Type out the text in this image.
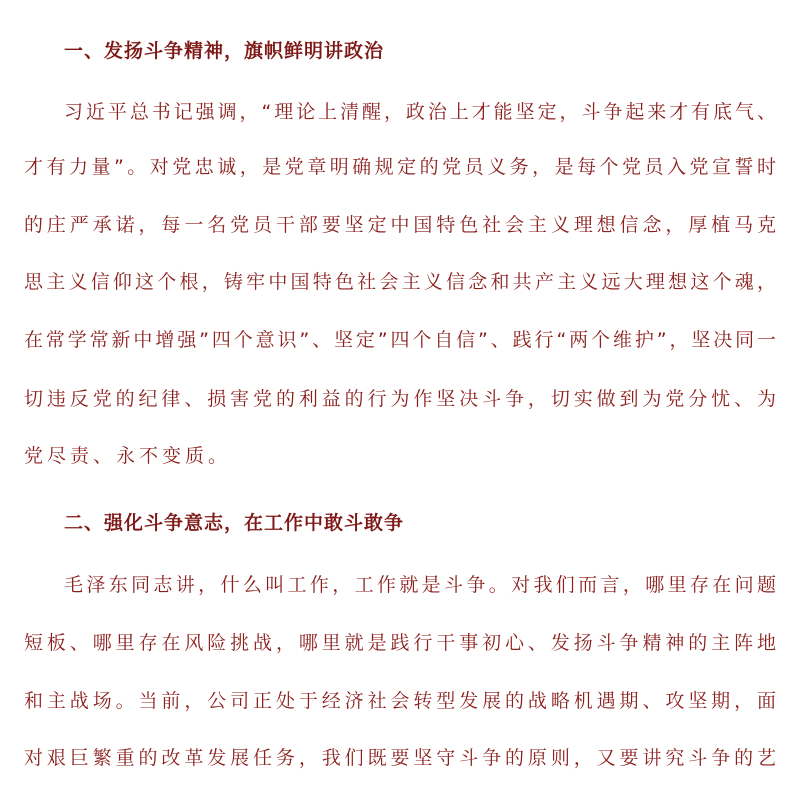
一、发扬斗争精神，旗帜鲜明讲政治
习近平总书记强调，“理论上清醒，政治上才能坚定，斗争起来才有底气、
才有力量”。对党忠诚，是党章明确规定的党员义务，是每个党员入党宣誓时
的庄严承诺，每一名党员干部要坚定中国特色社会主义理想信念，厚植马克
思主义信仰这个根，铸牢中国特色社会主义信念和共产主义远大理想这个魂，
在常学常新中增强”四个意识”、坚定”四个自信”、践行“两个维护”，坚决同一
切违反党的纪律、损害党的利益的行为作坚决斗争，切实做到为党分忧、为
党尽责、永不变质。
二、强化斗争意志，在工作中敢斗敢争
毛泽东同志讲，什么叫工作，工作就是斗争。对我们而言，哪里存在问题
短板、哪里存在风险挑战，哪里就是践行干事初心、发扬斗争精神的主阵地
和主战场。当前，公司正处于经济社会转型发展的战略机遇期、攻坚期，面
对艰巨繁重的改革发展任务，我们既要坚守斗争的原则，又要讲究斗争的艺
